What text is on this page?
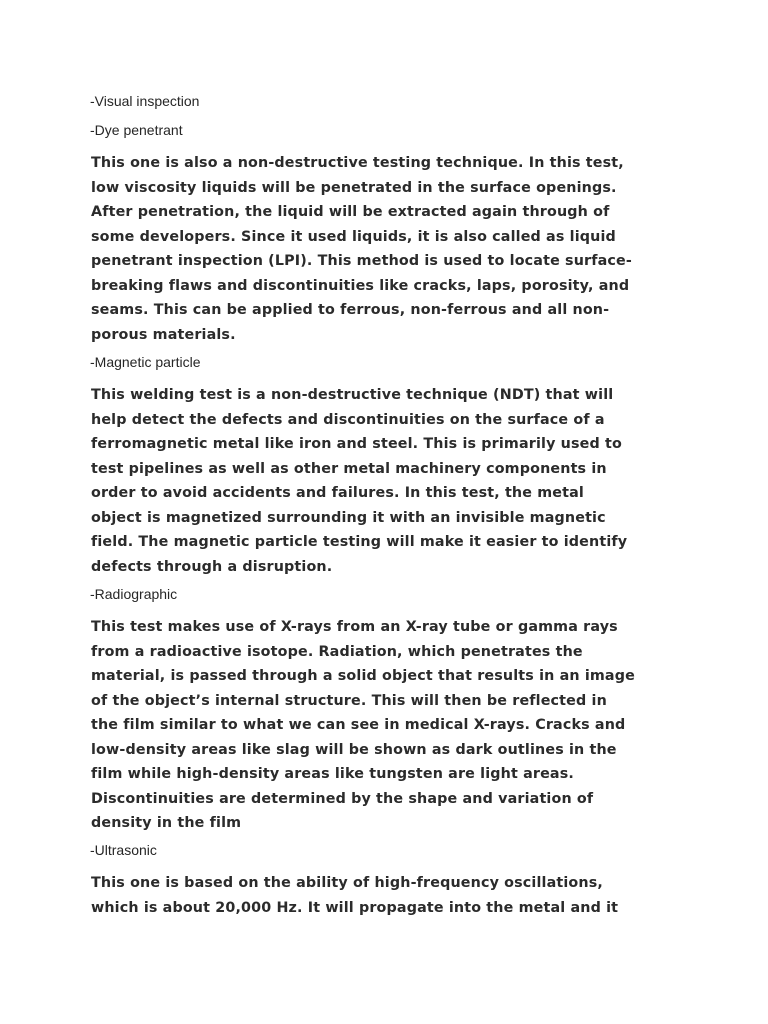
-Visual inspection
-Dye penetrant
This one is also a non-destructive testing technique. In this test,
low viscosity liquids will be penetrated in the surface openings.
After penetration, the liquid will be extracted again through of
some developers. Since it used liquids, it is also called as liquid
penetrant inspection (LPI). This method is used to locate surface-
breaking flaws and discontinuities like cracks, laps, porosity, and
seams. This can be applied to ferrous, non-ferrous and all non-
porous materials.
-Magnetic particle
This welding test is a non-destructive technique (NDT) that will
help detect the defects and discontinuities on the surface of a
ferromagnetic metal like iron and steel. This is primarily used to
test pipelines as well as other metal machinery components in
order to avoid accidents and failures. In this test, the metal
object is magnetized surrounding it with an invisible magnetic
field. The magnetic particle testing will make it easier to identify
defects through a disruption.
-Radiographic
This test makes use of X-rays from an X-ray tube or gamma rays
from a radioactive isotope. Radiation, which penetrates the
material, is passed through a solid object that results in an image
of the object’s internal structure. This will then be reflected in
the film similar to what we can see in medical X-rays. Cracks and
low-density areas like slag will be shown as dark outlines in the
film while high-density areas like tungsten are light areas.
Discontinuities are determined by the shape and variation of
density in the film
-Ultrasonic
This one is based on the ability of high-frequency oscillations,
which is about 20,000 Hz. It will propagate into the metal and it
